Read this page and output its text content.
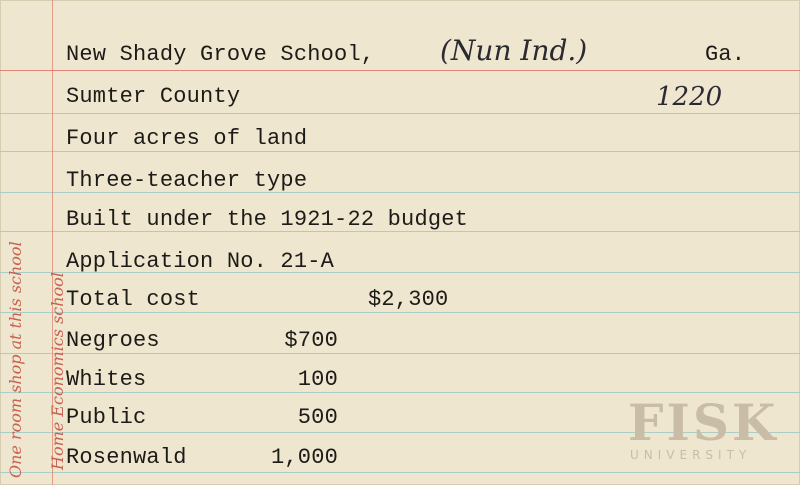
New Shady Grove School, (Nun Ind.)	Ga.
Sumter County	1220
Four acres of land
Three-teacher type
Built under the 1921-22 budget
Application No. 21-A
Total cost	$2,300
Negroes	$700
Whites	100
Public	500
Rosenwald	1,000
One room shop at this school Home Economics school	FISK
UNIVERSITY
